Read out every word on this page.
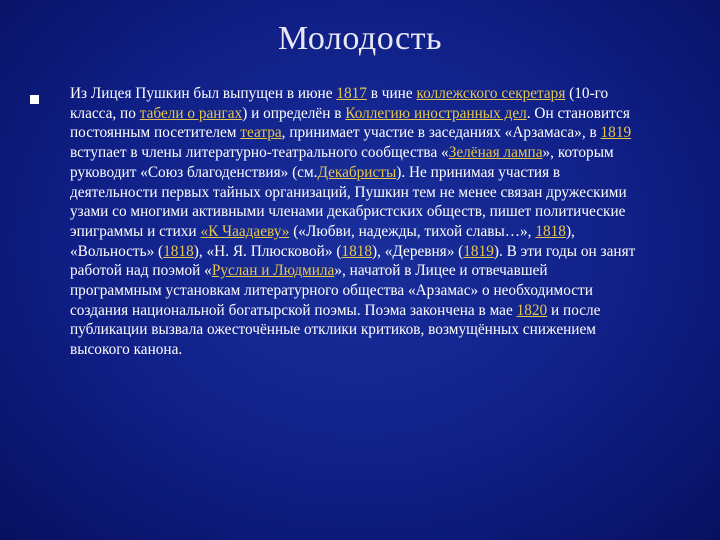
Молодость
Из Лицея Пушкин был выпущен в июне 1817 в чине коллежского секретаря (10-го класса, по табели о рангах) и определён в Коллегию иностранных дел. Он становится постоянным посетителем театра, принимает участие в заседаниях «Арзамаса», в 1819 вступает в члены литературно-театрального сообщества «Зелёная лампа», которым руководит «Союз благоденствия» (см.Декабристы). Не принимая участия в деятельности первых тайных организаций, Пушкин тем не менее связан дружескими узами со многими активными членами декабристских обществ, пишет политические эпиграммы и стихи «К Чаадаеву» («Любви, надежды, тихой славы…», 1818), «Вольность» (1818), «Н. Я. Плюсковой» (1818), «Деревня» (1819). В эти годы он занят работой над поэмой «Руслан и Людмила», начатой в Лицее и отвечавшей программным установкам литературного общества «Арзамас» о необходимости создания национальной богатырской поэмы. Поэма закончена в мае 1820 и после публикации вызвала ожесточённые отклики критиков, возмущённых снижением высокого канона.
